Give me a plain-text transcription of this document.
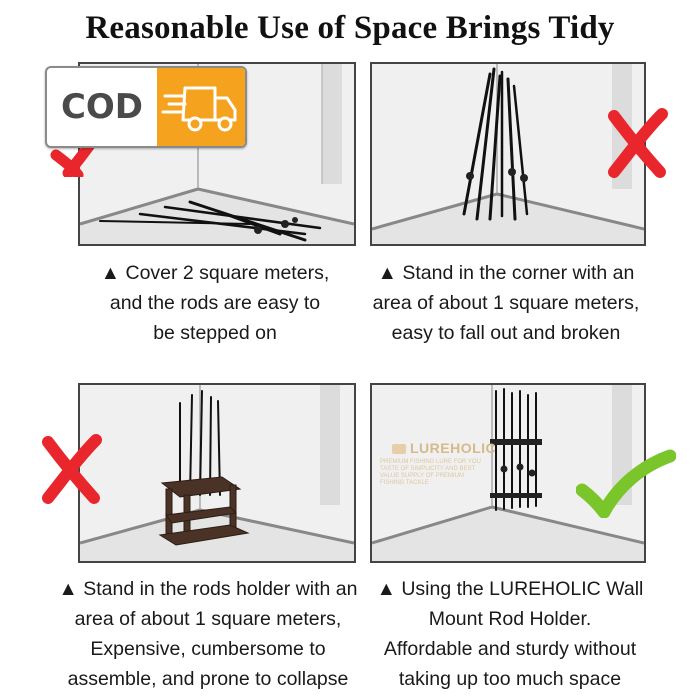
Reasonable Use of Space Brings Tidy
▲ Cover 2 square meters,
and the rods are easy to
be stepped on
▲ Stand in the corner with an
area of about 1 square meters,
easy to fall out and broken
LUREHOLIC
PREMIUM FISHING LURE FOR YOU TASTE OF SIMPLICITY AND BEST VALUE SUPPLY OF PREMIUM FISHING TACKLE
▲ Stand in the rods holder with an
area of about 1 square meters,
Expensive, cumbersome to
assemble, and prone to collapse
▲ Using the LUREHOLIC Wall
Mount Rod Holder.
Affordable and sturdy without
taking up too much space
COD
